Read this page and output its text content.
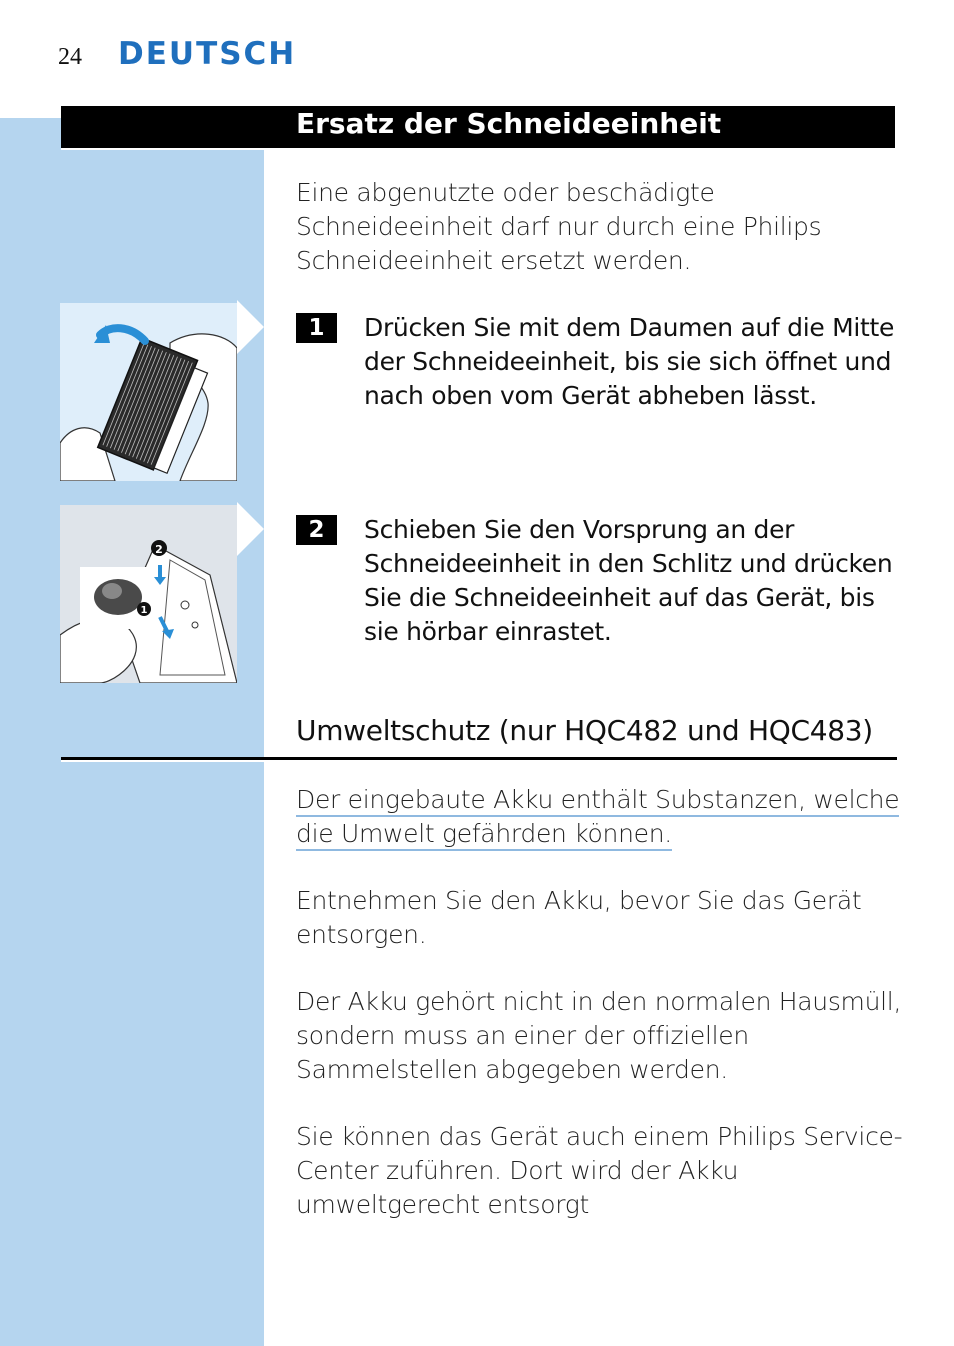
24 DEUTSCH
Ersatz der Schneideeinheit
Eine abgenutzte oder beschädigte Schneideeinheit darf nur durch eine Philips Schneideeinheit ersetzt werden.
1	Drücken Sie mit dem Daumen auf die Mitte der Schneideeinheit, bis sie sich öffnet und nach oben vom Gerät abheben lässt.
2
1
2	Schieben Sie den Vorsprung an der Schneideeinheit in den Schlitz und drücken Sie die Schneideeinheit auf das Gerät, bis sie hörbar einrastet.
Umweltschutz (nur HQC482 und HQC483)
Der eingebaute Akku enthält Substanzen, welche
die Umwelt gefährden können.
Entnehmen Sie den Akku, bevor Sie das Gerät entsorgen.
Der Akku gehört nicht in den normalen Hausmüll, sondern muss an einer der offiziellen Sammelstellen abgegeben werden.
Sie können das Gerät auch einem Philips Service-Center zuführen. Dort wird der Akku umweltgerecht entsorgt
